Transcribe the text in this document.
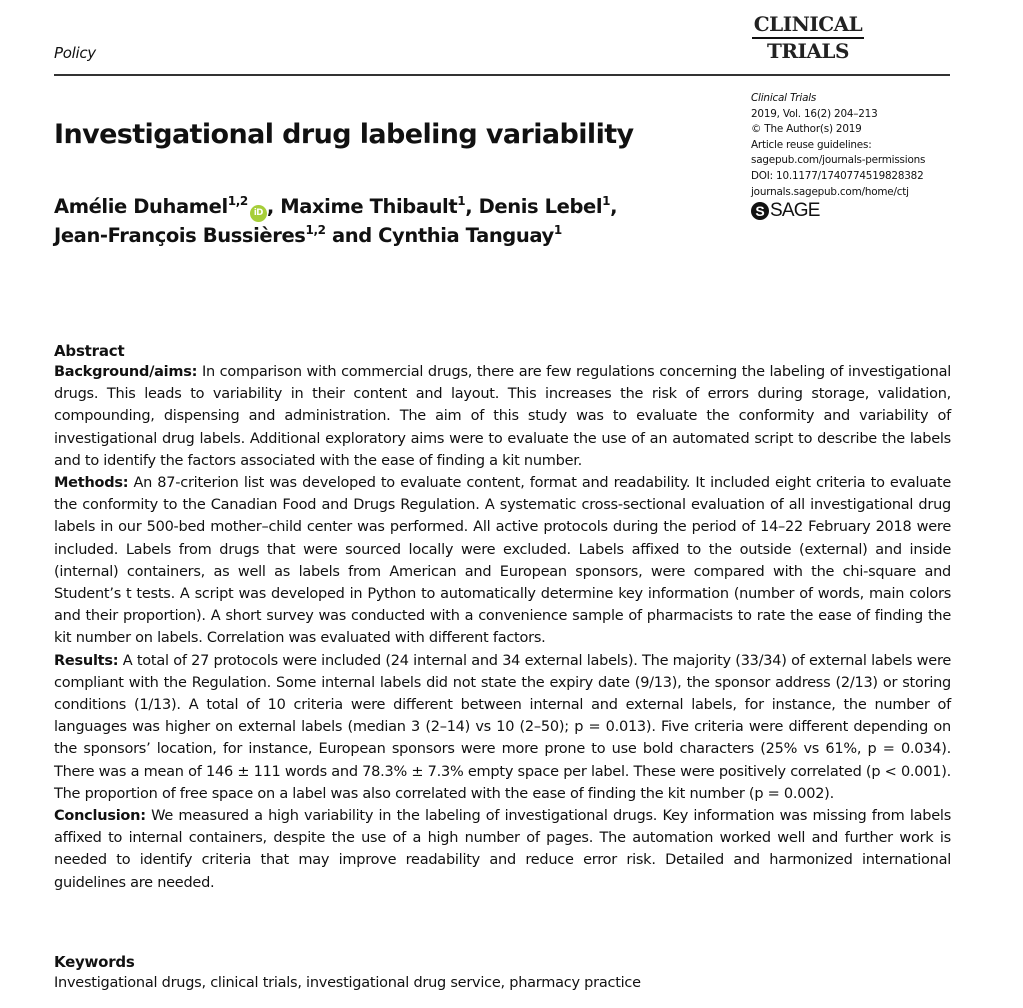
Policy
CLINICAL
TRIALS
Clinical Trials
2019, Vol. 16(2) 204–213
© The Author(s) 2019
Article reuse guidelines:
sagepub.com/journals-permissions
DOI: 10.1177/1740774519828382
journals.sagepub.com/home/ctj
S SAGE
Investigational drug labeling variability
Amélie Duhamel$^{1,2}$iD , Maxime Thibault$^1$, Denis Lebel$^1$,
Jean-François Bussières$^{1,2}$ and Cynthia Tanguay$^1$
Abstract

Background/aims: In comparison with commercial drugs, there are few regulations concerning the labeling of investigational drugs. This leads to variability in their content and layout. This increases the risk of errors during storage, validation, compounding, dispensing and administration. The aim of this study was to evaluate the conformity and variability of investigational drug labels. Additional exploratory aims were to evaluate the use of an automated script to describe the labels and to identify the factors associated with the ease of finding a kit number.

Methods: An 87-criterion list was developed to evaluate content, format and readability. It included eight criteria to evaluate the conformity to the Canadian Food and Drugs Regulation. A systematic cross-sectional evaluation of all investigational drug labels in our 500-bed mother–child center was performed. All active protocols during the period of 14–22 February 2018 were included. Labels from drugs that were sourced locally were excluded. Labels affixed to the outside (external) and inside (internal) containers, as well as labels from American and European sponsors, were compared with the chi-square and Student’s t tests. A script was developed in Python to automatically determine key information (number of words, main colors and their proportion). A short survey was conducted with a convenience sample of pharmacists to rate the ease of finding the kit number on labels. Correlation was evaluated with different factors.

Results: A total of 27 protocols were included (24 internal and 34 external labels). The majority (33/34) of external labels were compliant with the Regulation. Some internal labels did not state the expiry date (9/13), the sponsor address (2/13) or storing conditions (1/13). A total of 10 criteria were different between internal and external labels, for instance, the number of languages was higher on external labels (median 3 (2–14) vs 10 (2–50); p = 0.013). Five criteria were different depending on the sponsors’ location, for instance, European sponsors were more prone to use bold characters (25% vs 61%, p = 0.034). There was a mean of 146 ± 111 words and 78.3% ± 7.3% empty space per label. These were positively correlated (p < 0.001). The proportion of free space on a label was also correlated with the ease of finding the kit number (p = 0.002).

Conclusion: We measured a high variability in the labeling of investigational drugs. Key information was missing from labels affixed to internal containers, despite the use of a high number of pages. The automation worked well and further work is needed to identify criteria that may improve readability and reduce error risk. Detailed and harmonized international guidelines are needed.

Keywords

Investigational drugs, clinical trials, investigational drug service, pharmacy practice
